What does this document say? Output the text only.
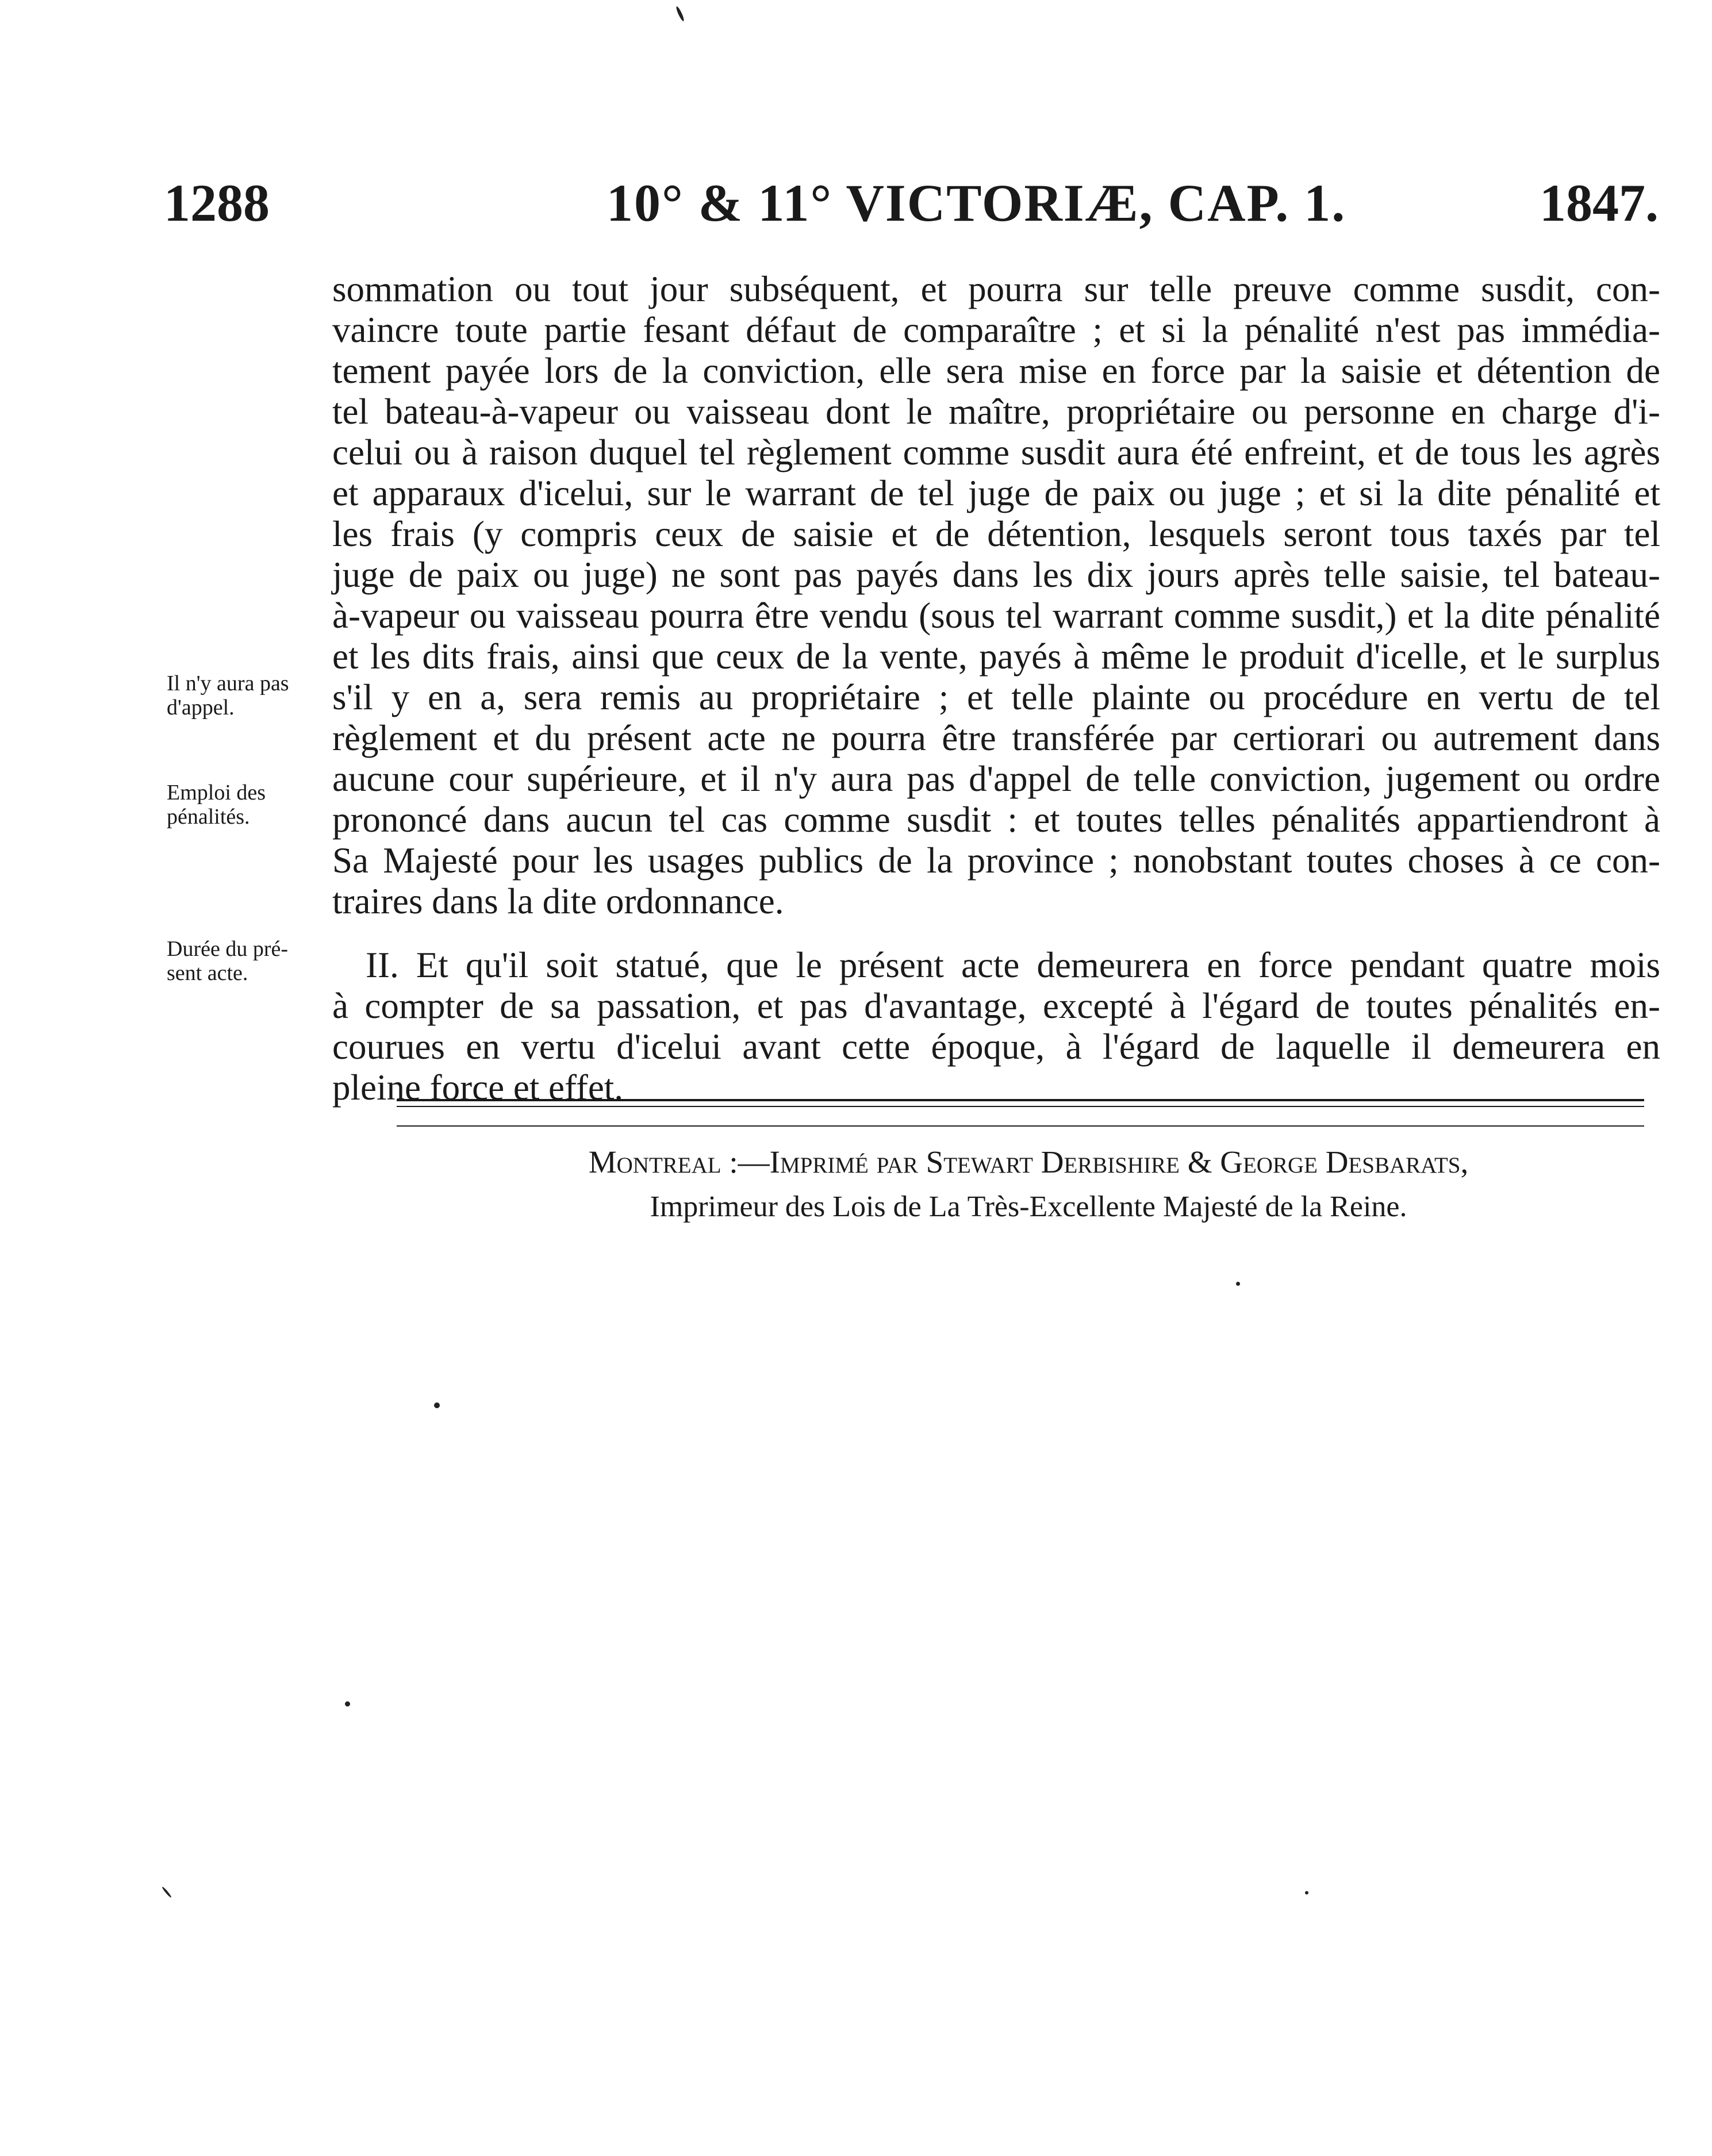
1288	10° & 11° VICTORIÆ, CAP. 1.	1847.
sommation ou tout jour subséquent, et pourra sur telle preuve comme susdit, con-
vaincre toute partie fesant défaut de comparaître ; et si la pénalité n'est pas immédia-
tement payée lors de la conviction, elle sera mise en force par la saisie et détention de
tel bateau-à-vapeur ou vaisseau dont le maître, propriétaire ou personne en charge d'i-
celui ou à raison duquel tel règlement comme susdit aura été enfreint, et de tous les agrès
et apparaux d'icelui, sur le warrant de tel juge de paix ou juge ; et si la dite pénalité et
les frais (y compris ceux de saisie et de détention, lesquels seront tous taxés par tel
juge de paix ou juge) ne sont pas payés dans les dix jours après telle saisie, tel bateau-
à-vapeur ou vaisseau pourra être vendu (sous tel warrant comme susdit,) et la dite pénalité
et les dits frais, ainsi que ceux de la vente, payés à même le produit d'icelle, et le surplus
s'il y en a, sera remis au propriétaire ; et telle plainte ou procédure en vertu de tel
règlement et du présent acte ne pourra être transférée par certiorari ou autrement dans
aucune cour supérieure, et il n'y aura pas d'appel de telle conviction, jugement ou ordre
prononcé dans aucun tel cas comme susdit : et toutes telles pénalités appartiendront à
Sa Majesté pour les usages publics de la province ; nonobstant toutes choses à ce con-
traires dans la dite ordonnance.
II. Et qu'il soit statué, que le présent acte demeurera en force pendant quatre mois
à compter de sa passation, et pas d'avantage, excepté à l'égard de toutes pénalités en-
courues en vertu d'icelui avant cette époque, à l'égard de laquelle il demeurera en
pleine force et effet.
Il n'y aura pas d'appel.
Emploi des pénalités.
Durée du pré-sent acte.
Montreal :—Imprimé par Stewart Derbishire & George Desbarats,
Imprimeur des Lois de La Très-Excellente Majesté de la Reine.
